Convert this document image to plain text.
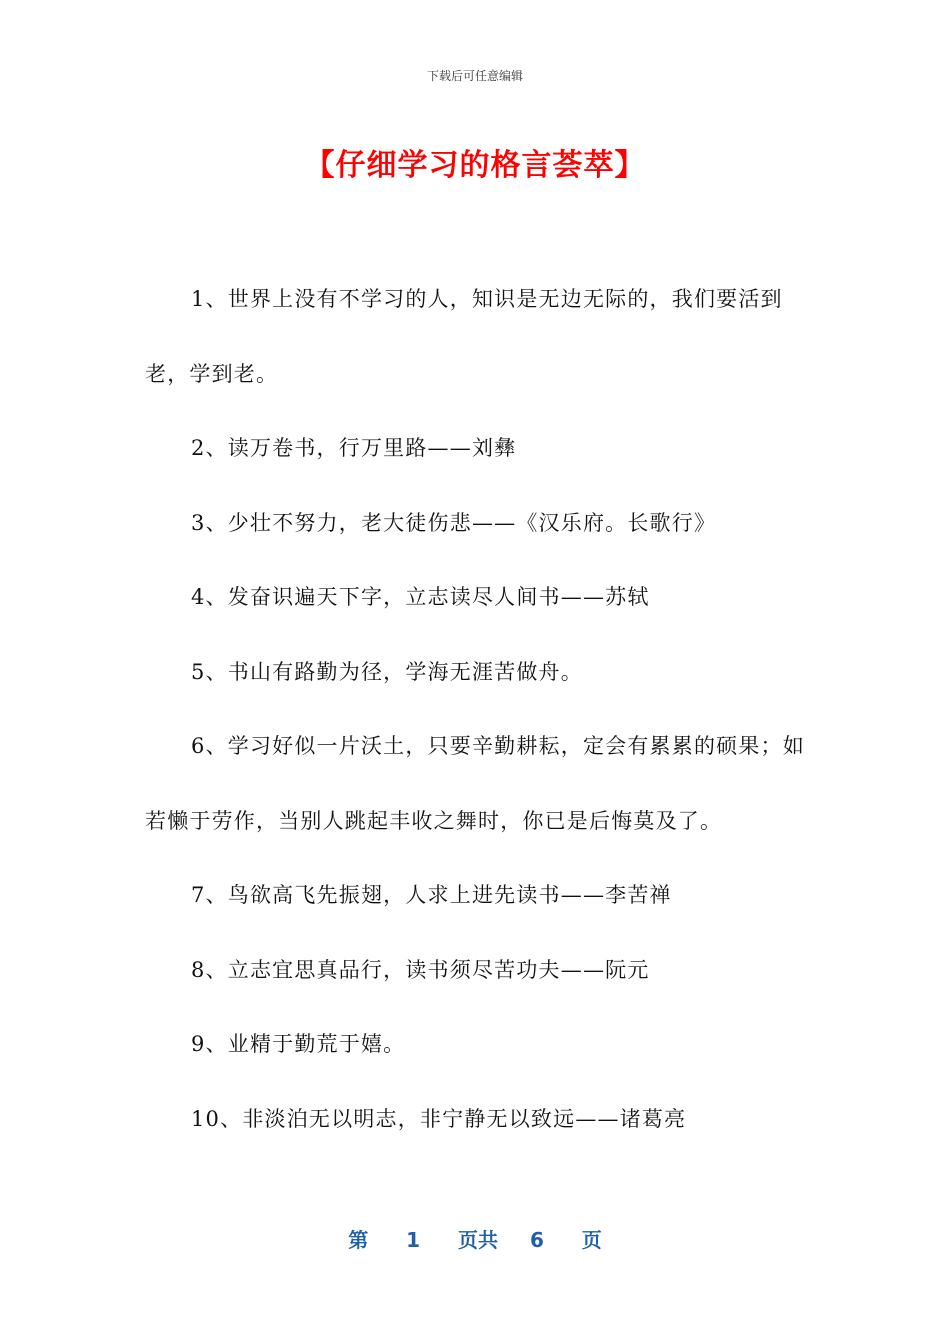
下载后可任意编辑
【仔细学习的格言荟萃】

1、世界上没有不学习的人，知识是无边无际的，我们要活到老，学到老。

2、读万卷书，行万里路——刘彝

3、少壮不努力，老大徒伤悲——《汉乐府。长歌行》

4、发奋识遍天下字，立志读尽人间书——苏轼

5、书山有路勤为径，学海无涯苦做舟。

6、学习好似一片沃土，只要辛勤耕耘，定会有累累的硕果；如若懒于劳作，当别人跳起丰收之舞时，你已是后悔莫及了。

7、鸟欲高飞先振翅，人求上进先读书——李苦禅

8、立志宜思真品行，读书须尽苦功夫——阮元

9、业精于勤荒于嬉。

10、非淡泊无以明志，非宁静无以致远——诸葛亮

第 1 页共 6 页
